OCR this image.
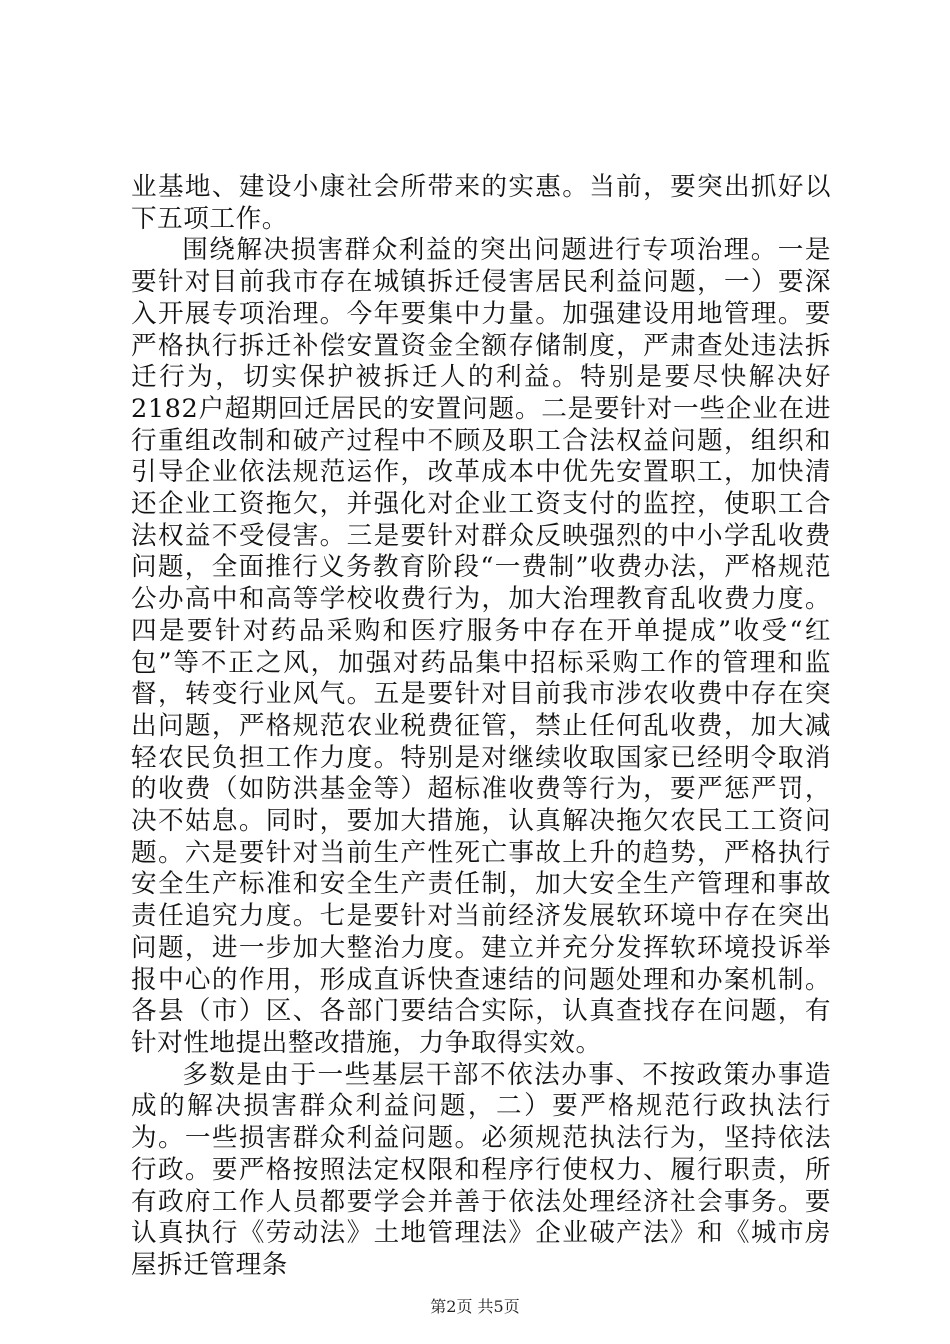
业基地、建设小康社会所带来的实惠。当前，要突出抓好以下五项工作。

围绕解决损害群众利益的突出问题进行专项治理。一是要针对目前我市存在城镇拆迁侵害居民利益问题，一）要深入开展专项治理。今年要集中力量。加强建设用地管理。要严格执行拆迁补偿安置资金全额存储制度，严肃查处违法拆迁行为，切实保护被拆迁人的利益。特别是要尽快解决好2182户超期回迁居民的安置问题。二是要针对一些企业在进行重组改制和破产过程中不顾及职工合法权益问题，组织和引导企业依法规范运作，改革成本中优先安置职工，加快清还企业工资拖欠，并强化对企业工资支付的监控，使职工合法权益不受侵害。三是要针对群众反映强烈的中小学乱收费问题，全面推行义务教育阶段“一费制”收费办法，严格规范公办高中和高等学校收费行为，加大治理教育乱收费力度。四是要针对药品采购和医疗服务中存在开单提成”收受“红包”等不正之风，加强对药品集中招标采购工作的管理和监督，转变行业风气。五是要针对目前我市涉农收费中存在突出问题，严格规范农业税费征管，禁止任何乱收费，加大减轻农民负担工作力度。特别是对继续收取国家已经明令取消的收费（如防洪基金等）超标准收费等行为，要严惩严罚，决不姑息。同时，要加大措施，认真解决拖欠农民工工资问题。六是要针对当前生产性死亡事故上升的趋势，严格执行安全生产标准和安全生产责任制，加大安全生产管理和事故责任追究力度。七是要针对当前经济发展软环境中存在突出问题，进一步加大整治力度。建立并充分发挥软环境投诉举报中心的作用，形成直诉快查速结的问题处理和办案机制。各县（市）区、各部门要结合实际，认真查找存在问题，有针对性地提出整改措施，力争取得实效。

多数是由于一些基层干部不依法办事、不按政策办事造成的解决损害群众利益问题，二）要严格规范行政执法行为。一些损害群众利益问题。必须规范执法行为，坚持依法行政。要严格按照法定权限和程序行使权力、履行职责，所有政府工作人员都要学会并善于依法处理经济社会事务。要认真执行《劳动法》土地管理法》企业破产法》和《城市房屋拆迁管理条

第2页 共5页
